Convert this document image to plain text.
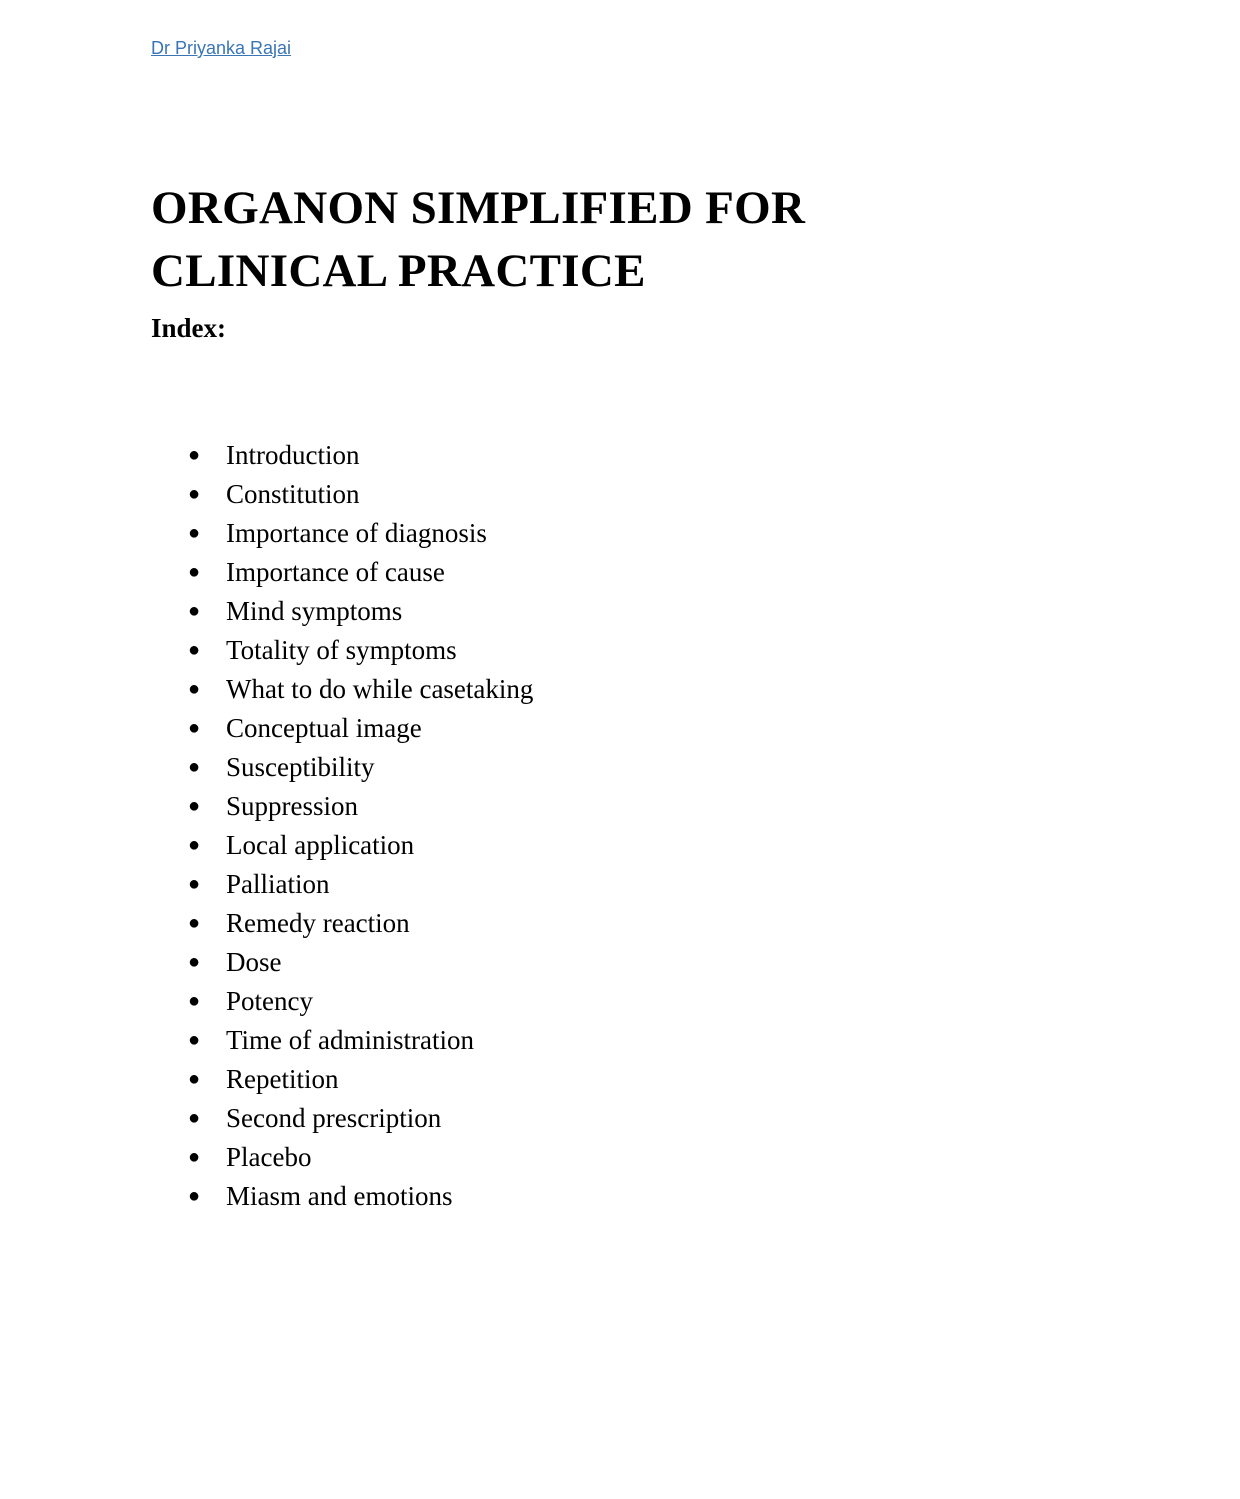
Dr Priyanka Rajai
ORGANON SIMPLIFIED FOR CLINICAL PRACTICE
Index:
● Introduction
● Constitution
● Importance of diagnosis
● Importance of cause
● Mind symptoms
● Totality of symptoms
● What to do while casetaking
● Conceptual image
● Susceptibility
● Suppression
● Local application
● Palliation
● Remedy reaction
● Dose
● Potency
● Time of administration
● Repetition
● Second prescription
● Placebo
● Miasm and emotions
